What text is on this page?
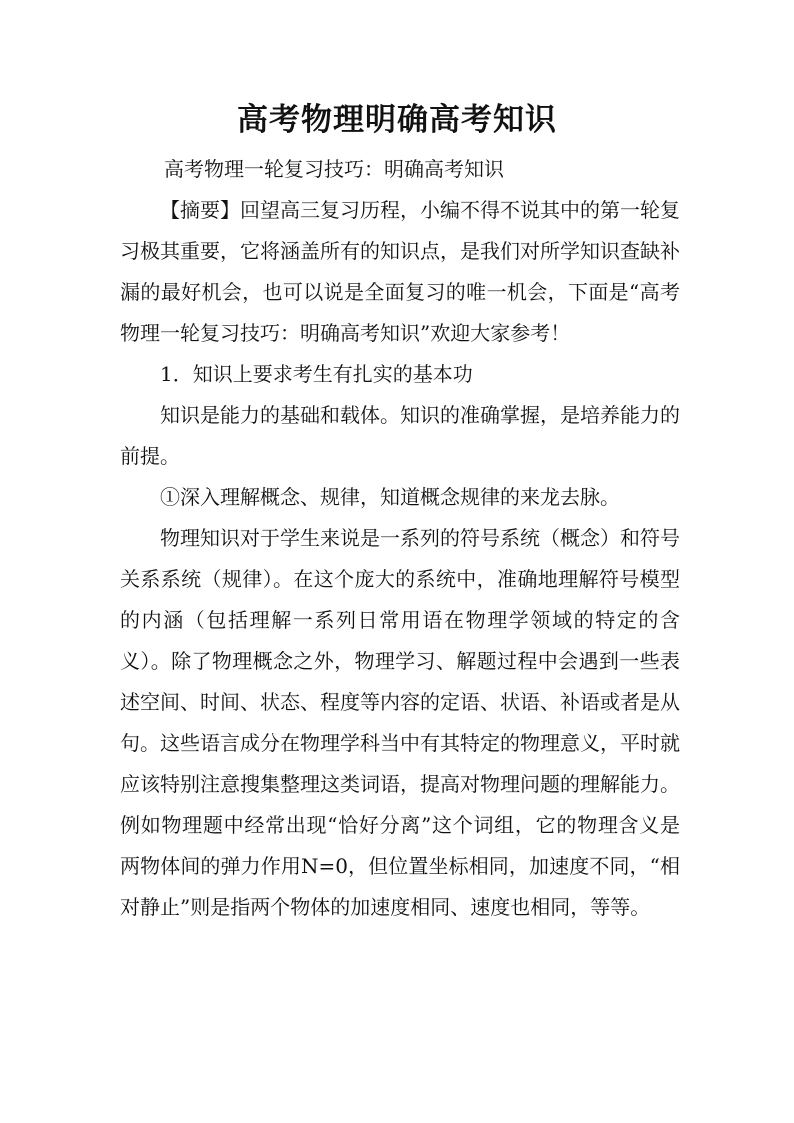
高考物理明确高考知识

高考物理一轮复习技巧：明确高考知识

【摘要】回望高三复习历程，小编不得不说其中的第一轮复习极其重要，它将涵盖所有的知识点，是我们对所学知识查缺补漏的最好机会，也可以说是全面复习的唯一机会，下面是“高考物理一轮复习技巧：明确高考知识”欢迎大家参考！

1．知识上要求考生有扎实的基本功

知识是能力的基础和载体。知识的准确掌握，是培养能力的前提。

①深入理解概念、规律，知道概念规律的来龙去脉。

物理知识对于学生来说是一系列的符号系统（概念）和符号关系系统（规律）。在这个庞大的系统中，准确地理解符号模型的内涵（包括理解一系列日常用语在物理学领域的特定的含义）。除了物理概念之外，物理学习、解题过程中会遇到一些表述空间、时间、状态、程度等内容的定语、状语、补语或者是从句。这些语言成分在物理学科当中有其特定的物理意义，平时就应该特别注意搜集整理这类词语，提高对物理问题的理解能力。例如物理题中经常出现“恰好分离”这个词组，它的物理含义是两物体间的弹力作用N=0，但位置坐标相同，加速度不同，“相对静止”则是指两个物体的加速度相同、速度也相同，等等。
